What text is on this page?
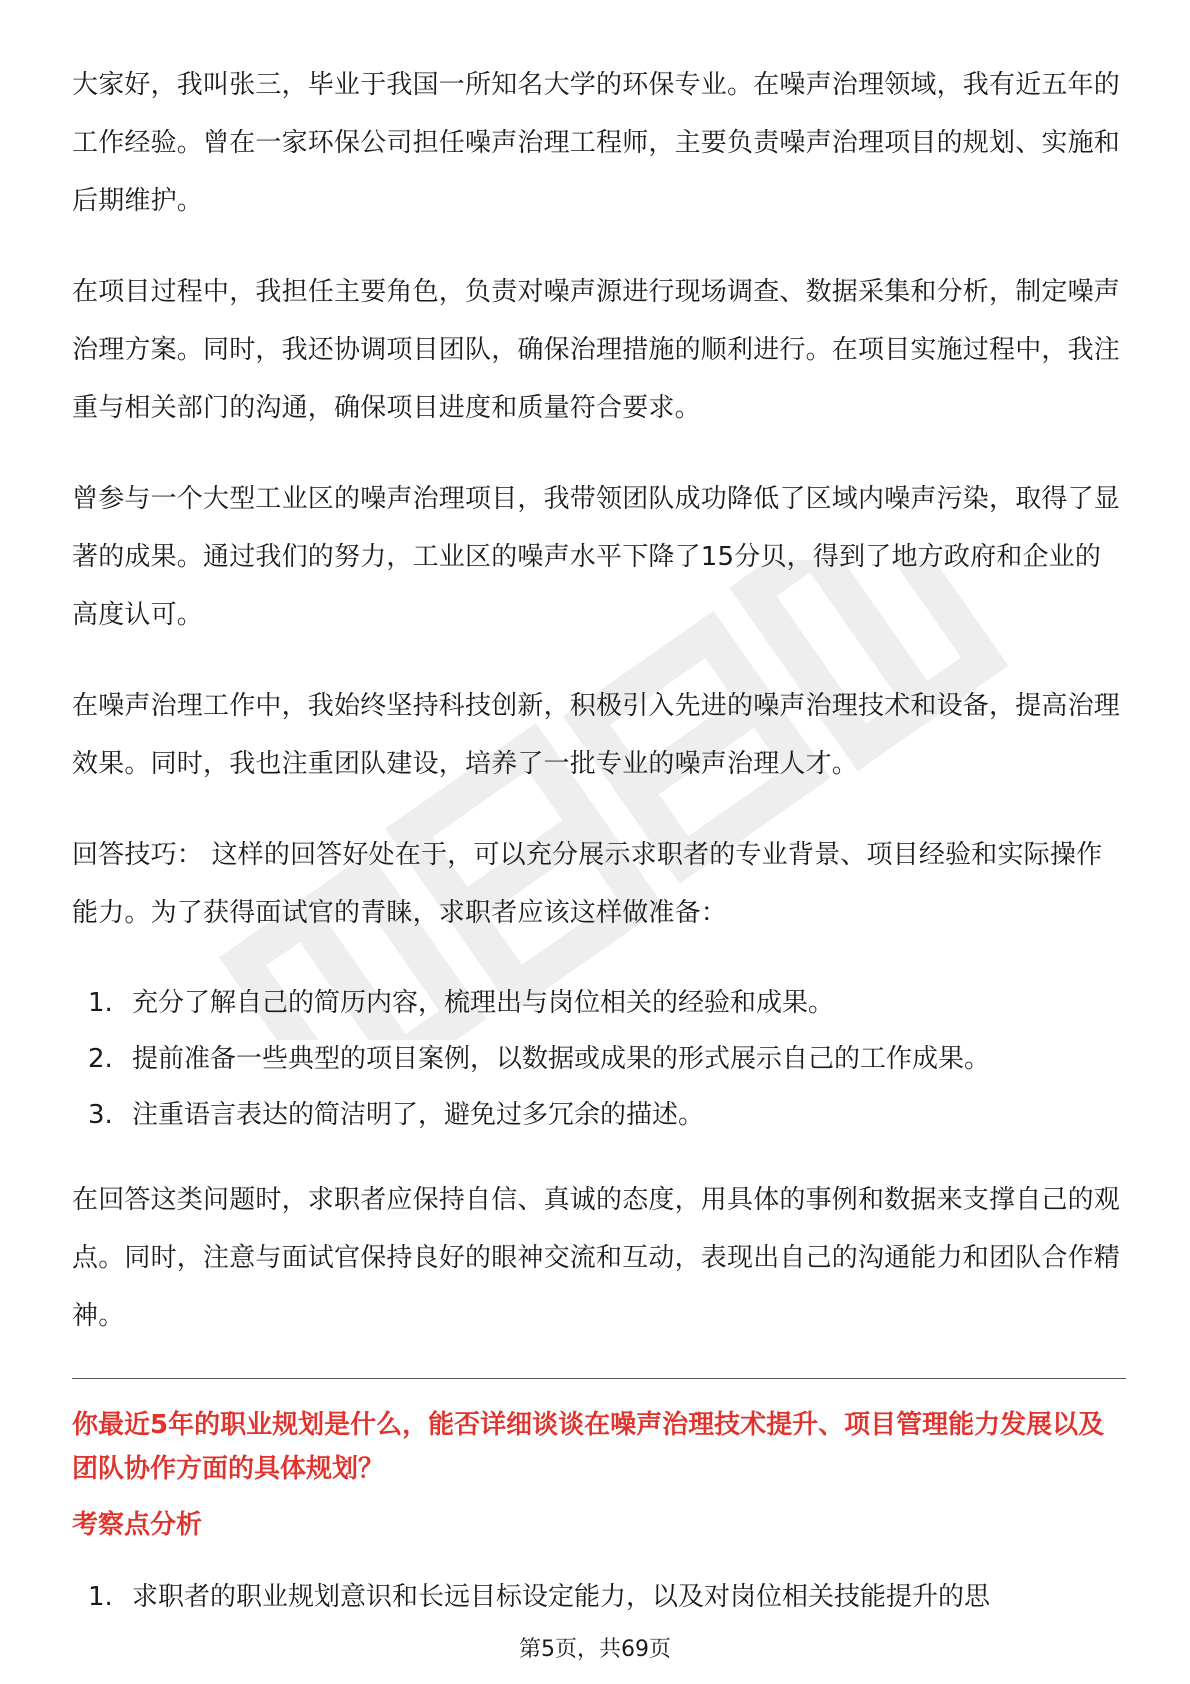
大家好，我叫张三，毕业于我国一所知名大学的环保专业。在噪声治理领域，我有近五年的工作经验。曾在一家环保公司担任噪声治理工程师，主要负责噪声治理项目的规划、实施和后期维护。

在项目过程中，我担任主要角色，负责对噪声源进行现场调查、数据采集和分析，制定噪声治理方案。同时，我还协调项目团队，确保治理措施的顺利进行。在项目实施过程中，我注重与相关部门的沟通，确保项目进度和质量符合要求。

曾参与一个大型工业区的噪声治理项目，我带领团队成功降低了区域内噪声污染，取得了显著的成果。通过我们的努力，工业区的噪声水平下降了15分贝，得到了地方政府和企业的高度认可。

在噪声治理工作中，我始终坚持科技创新，积极引入先进的噪声治理技术和设备，提高治理效果。同时，我也注重团队建设，培养了一批专业的噪声治理人才。

回答技巧： 这样的回答好处在于，可以充分展示求职者的专业背景、项目经验和实际操作能力。为了获得面试官的青睐，求职者应该这样做准备：

1. 充分了解自己的简历内容，梳理出与岗位相关的经验和成果。
2. 提前准备一些典型的项目案例，以数据或成果的形式展示自己的工作成果。
3. 注重语言表达的简洁明了，避免过多冗余的描述。

在回答这类问题时，求职者应保持自信、真诚的态度，用具体的事例和数据来支撑自己的观点。同时，注意与面试官保持良好的眼神交流和互动，表现出自己的沟通能力和团队合作精神。

你最近5年的职业规划是什么，能否详细谈谈在噪声治理技术提升、项目管理能力发展以及团队协作方面的具体规划？
考察点分析
1. 求职者的职业规划意识和长远目标设定能力，以及对岗位相关技能提升的思
第5页，共69页
